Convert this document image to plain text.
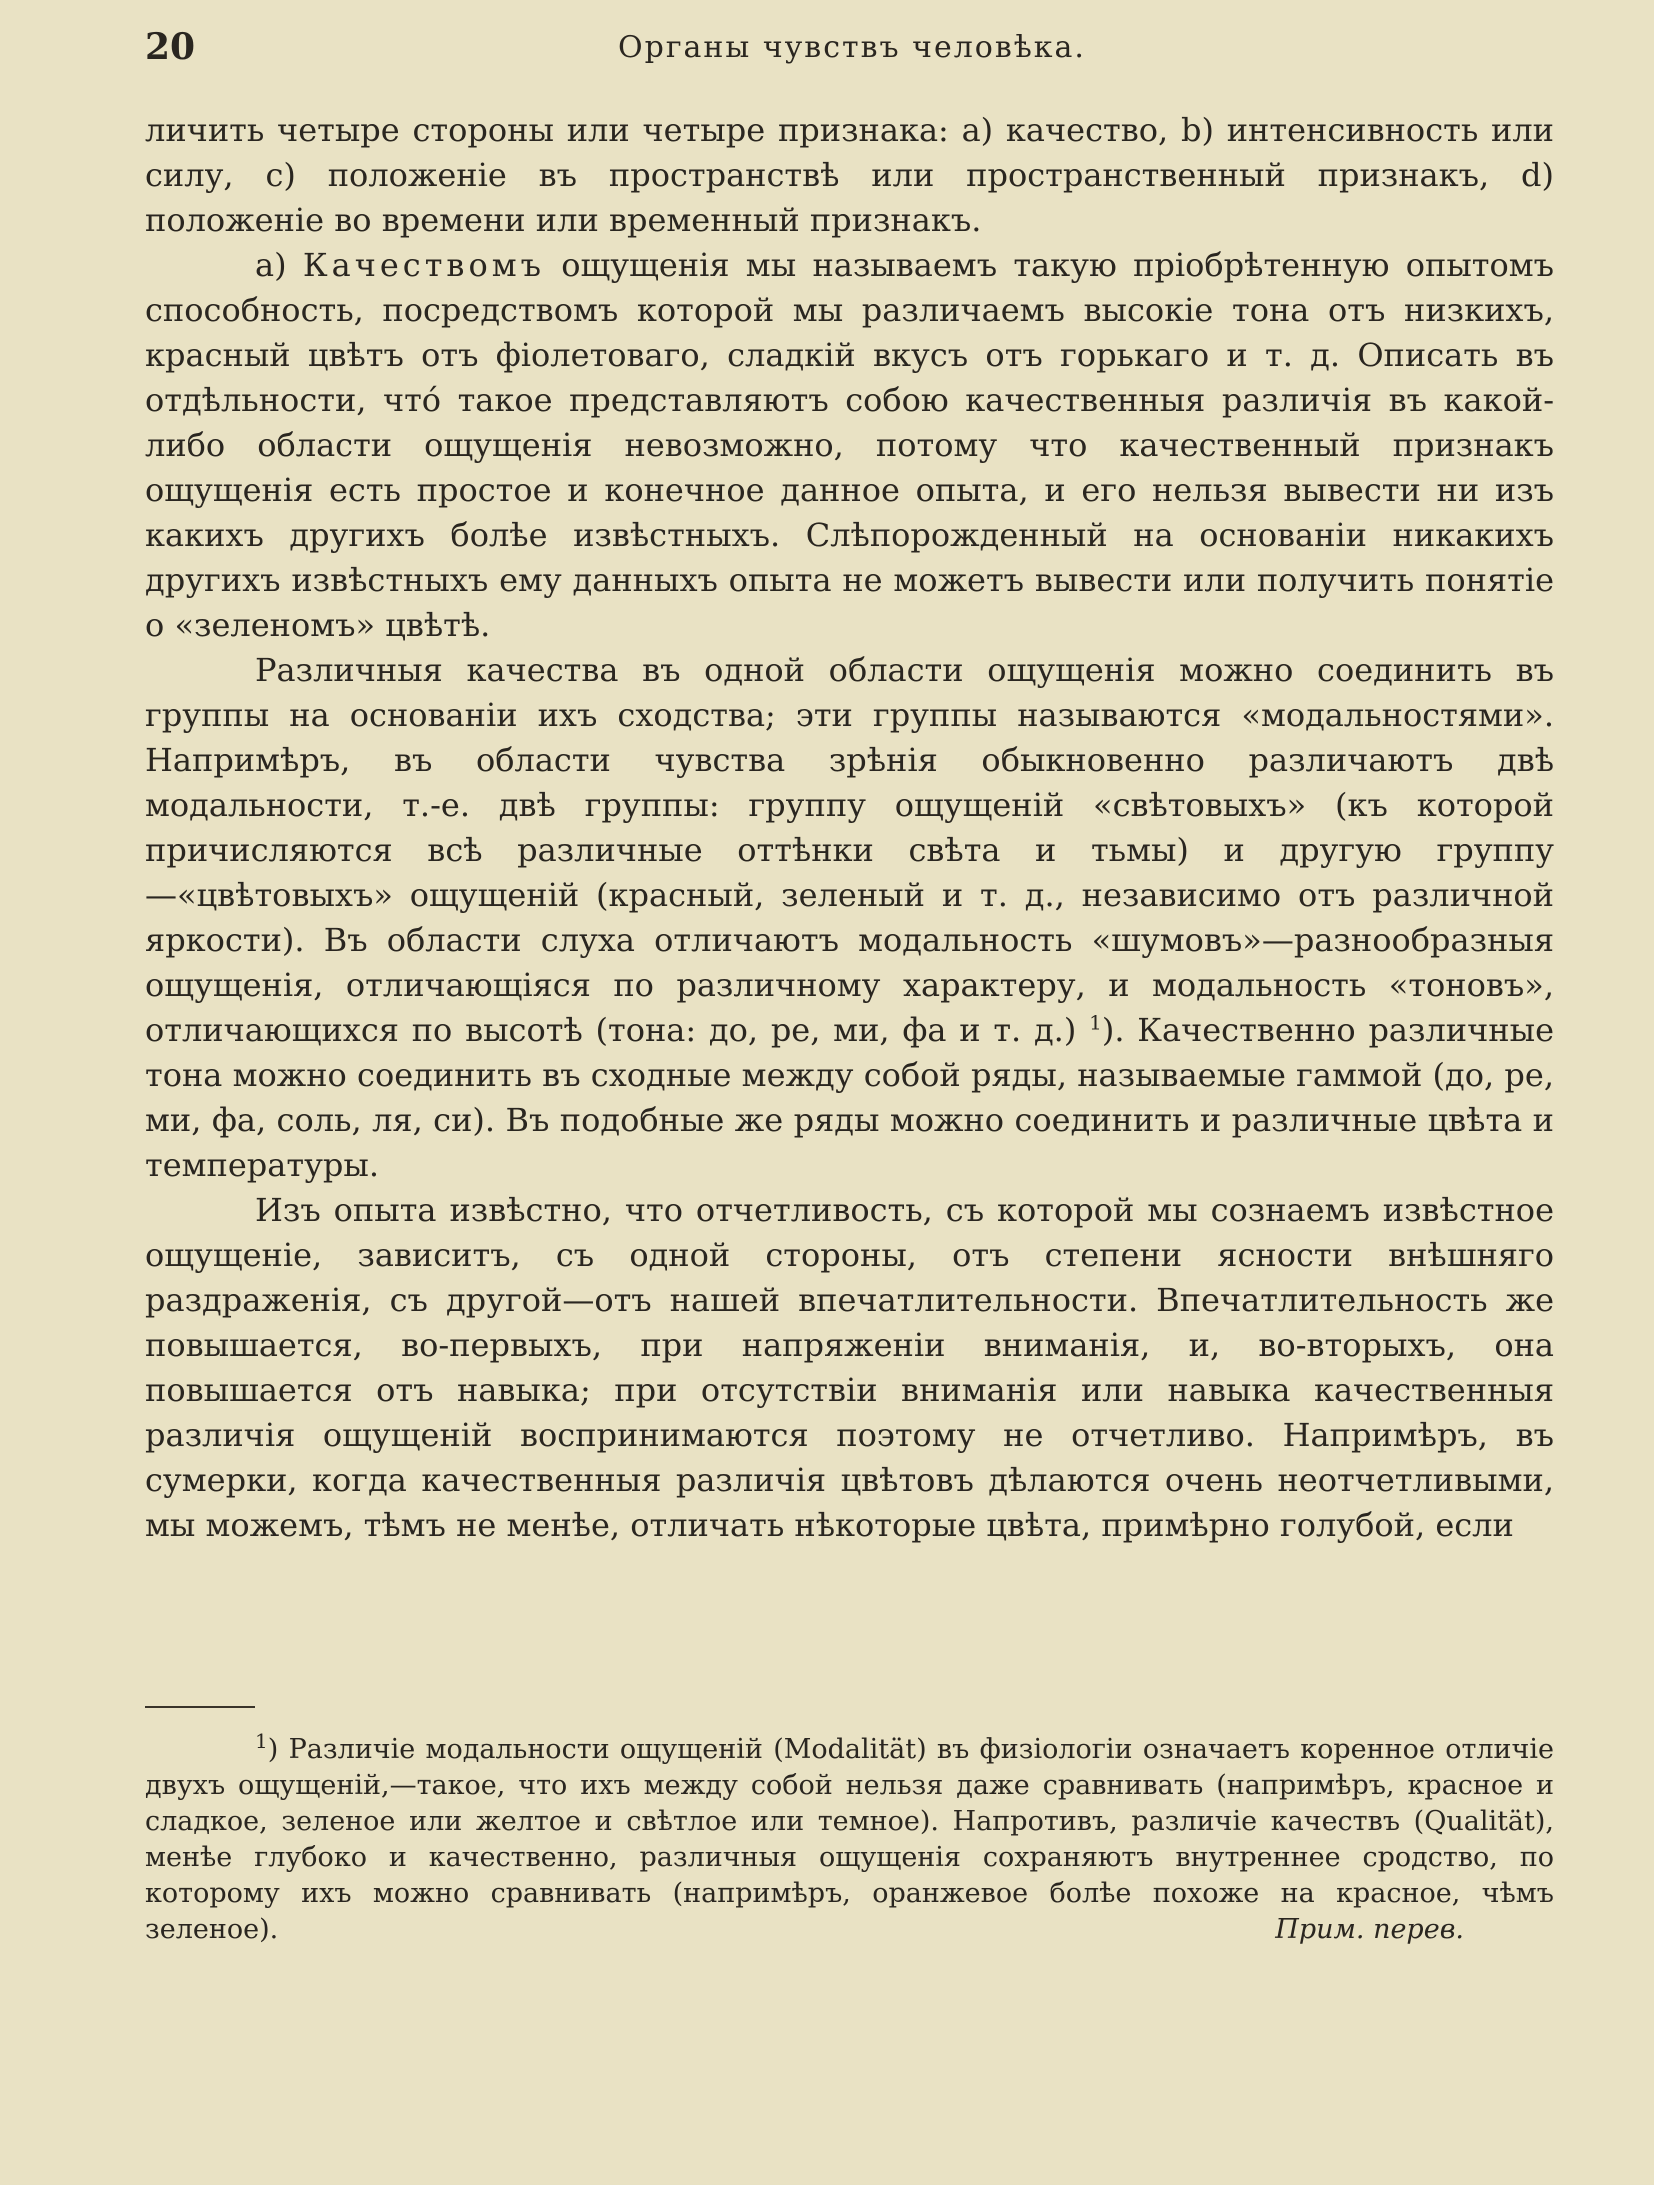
20	Органы чувствъ человѣка.

личить четыре стороны или четыре признака: a) качество, b) интенсивность или силу, c) положеніе въ пространствѣ или пространственный признакъ, d) положеніе во времени или временный признакъ.

a) Качествомъ ощущенія мы называемъ такую пріобрѣтенную опытомъ способность, посредствомъ которой мы различаемъ высокіе тона отъ низкихъ, красный цвѣтъ отъ фіолетоваго, сладкій вкусъ отъ горькаго и т. д. Описать въ отдѣльности, что́ такое представляютъ собою качественныя различія въ какой-либо области ощущенія невозможно, потому что качественный признакъ ощущенія есть простое и конечное данное опыта, и его нельзя вывести ни изъ какихъ другихъ болѣе извѣстныхъ. Слѣпорожденный на основаніи никакихъ другихъ извѣстныхъ ему данныхъ опыта не можетъ вывести или получить понятіе о «зеленомъ» цвѣтѣ.

Различныя качества въ одной области ощущенія можно соединить въ группы на основаніи ихъ сходства; эти группы называются «модальностями». Напримѣръ, въ области чувства зрѣнія обыкновенно различаютъ двѣ модальности, т.-е. двѣ группы: группу ощущеній «свѣтовыхъ» (къ которой причисляются всѣ различные оттѣнки свѣта и тьмы) и другую группу—«цвѣтовыхъ» ощущеній (красный, зеленый и т. д., независимо отъ различной яркости). Въ области слуха отличаютъ модальность «шумовъ»—разнообразныя ощущенія, отличающіяся по различному характеру, и модальность «тоновъ», отличающихся по высотѣ (тона: до, ре, ми, фа и т. д.) $^1$). Качественно различные тона можно соединить въ сходные между собой ряды, называемые гаммой (до, ре, ми, фа, соль, ля, си). Въ подобные же ряды можно соединить и различные цвѣта и температуры.

Изъ опыта извѣстно, что отчетливость, съ которой мы сознаемъ извѣстное ощущеніе, зависитъ, съ одной стороны, отъ степени ясности внѣшняго раздраженія, съ другой—отъ нашей впечатлительности. Впечатлительность же повышается, во-первыхъ, при напряженіи вниманія, и, во-вторыхъ, она повышается отъ навыка; при отсутствіи вниманія или навыка качественныя различія ощущеній воспринимаются поэтому не отчетливо. Напримѣръ, въ сумерки, когда качественныя различія цвѣтовъ дѣлаются очень неотчетливыми, мы можемъ, тѣмъ не менѣе, отличать нѣкоторые цвѣта, примѣрно голубой, если

$^1$) Различіе модальности ощущеній (Modalität) въ физіологіи означаетъ коренное отличіе двухъ ощущеній,—такое, что ихъ между собой нельзя даже сравнивать (напримѣръ, красное и сладкое, зеленое или желтое и свѣтлое или темное). Напротивъ, различіе качествъ (Qualität), менѣе глубоко и качественно, различныя ощущенія сохраняютъ внутреннее сродство, по которому ихъ можно сравнивать (напримѣръ, оранжевое болѣе похоже на красное, чѣмъ зеленое).	Прим. перев.
